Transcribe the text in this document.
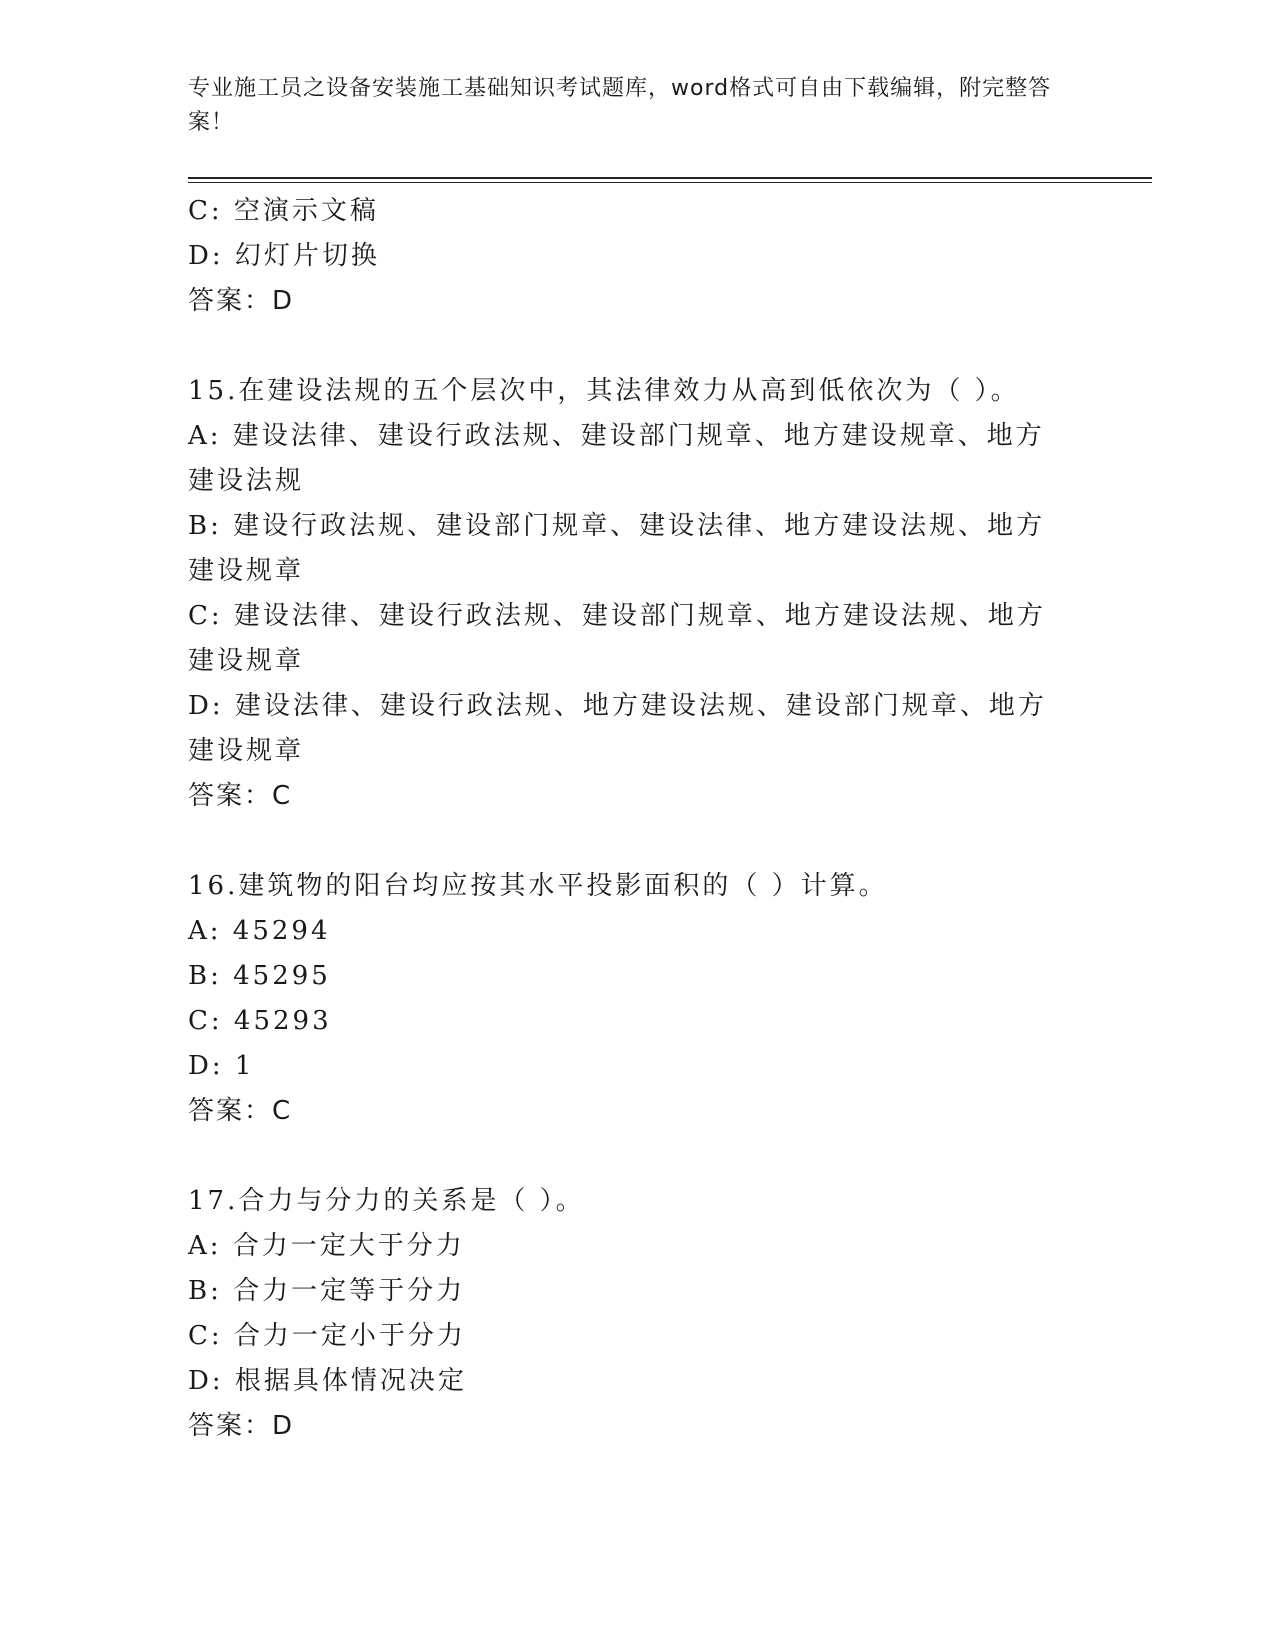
专业施工员之设备安装施工基础知识考试题库，word格式可自由下载编辑，附完整答案！
C: 空演示文稿
D: 幻灯片切换
答案：D
15.在建设法规的五个层次中，其法律效力从高到低依次为（ ）。
A: 建设法律、建设行政法规、建设部门规章、地方建设规章、地方建设法规
B: 建设行政法规、建设部门规章、建设法律、地方建设法规、地方建设规章
C: 建设法律、建设行政法规、建设部门规章、地方建设法规、地方建设规章
D: 建设法律、建设行政法规、地方建设法规、建设部门规章、地方建设规章
答案：C
16.建筑物的阳台均应按其水平投影面积的（ ）计算。
A: 45294
B: 45295
C: 45293
D: 1
答案：C
17.合力与分力的关系是（ ）。
A: 合力一定大于分力
B: 合力一定等于分力
C: 合力一定小于分力
D: 根据具体情况决定
答案：D
